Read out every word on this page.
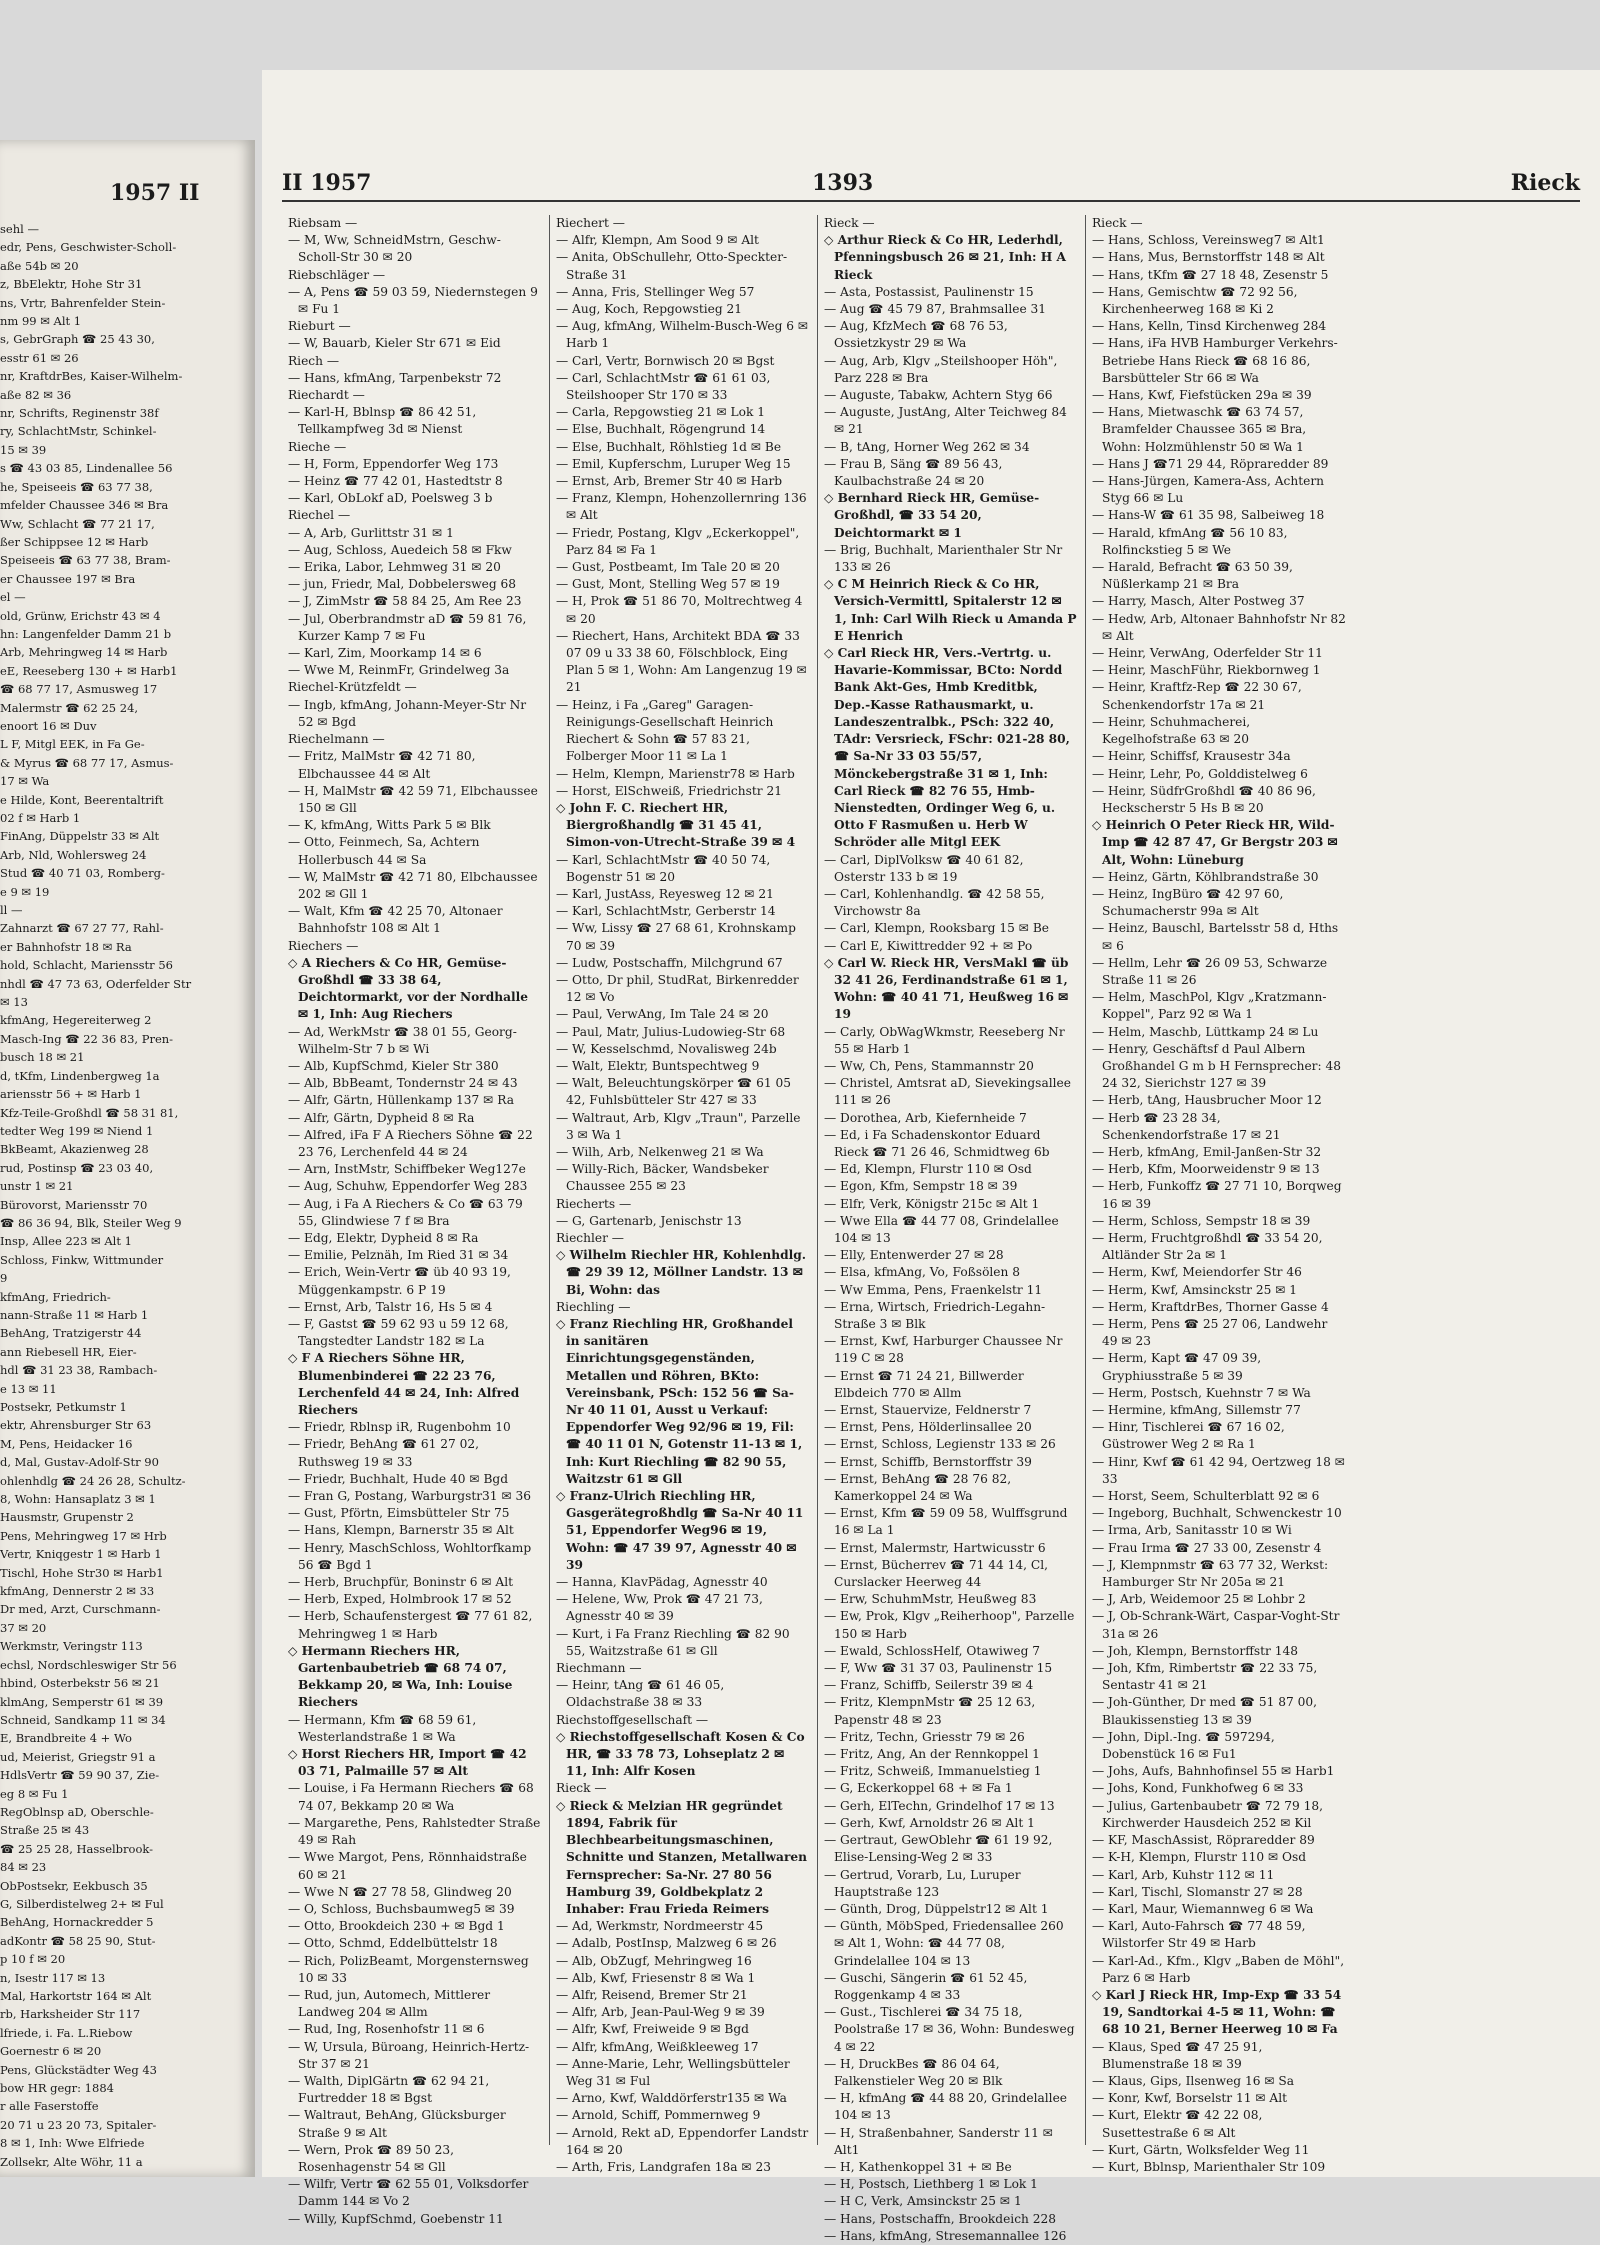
1957 II
sehl —
edr, Pens, Geschwister-Scholl-
aße 54b ✉ 20
z, BbElektr, Hohe Str 31
ns, Vrtr, Bahrenfelder Stein-
nm 99 ✉ Alt 1
s, GebrGraph ☎ 25 43 30,
esstr 61 ✉ 26
nr, KraftdrBes, Kaiser-Wilhelm-
aße 82 ✉ 36
nr, Schrifts, Reginenstr 38f
ry, SchlachtMstr, Schinkel-
15 ✉ 39
s ☎ 43 03 85, Lindenallee 56
he, Speiseeis ☎ 63 77 38,
mfelder Chaussee 346 ✉ Bra
Ww, Schlacht ☎ 77 21 17,
ßer Schippsee 12 ✉ Harb
Speiseeis ☎ 63 77 38, Bram-
er Chaussee 197 ✉ Bra
el —
old, Grünw, Erichstr 43 ✉ 4
hn: Langenfelder Damm 21 b
Arb, Mehringweg 14 ✉ Harb
eE, Reeseberg 130 + ✉ Harb1
☎ 68 77 17, Asmusweg 17
Malermstr ☎ 62 25 24,
enoort 16 ✉ Duv
L F, Mitgl EEK, in Fa Ge-
& Myrus ☎ 68 77 17, Asmus-
17 ✉ Wa
e Hilde, Kont, Beerentaltrift
02 f ✉ Harb 1
FinAng, Düppelstr 33 ✉ Alt
Arb, Nld, Wohlersweg 24
Stud ☎ 40 71 03, Romberg-
e 9 ✉ 19
ll —
Zahnarzt ☎ 67 27 77, Rahl-
er Bahnhofstr 18 ✉ Ra
hold, Schlacht, Mariensstr 56
nhdl ☎ 47 73 63, Oderfelder Str
✉ 13
kfmAng, Hegereiterweg 2
Masch-Ing ☎ 22 36 83, Pren-
busch 18 ✉ 21
d, tKfm, Lindenbergweg 1a
ariensstr 56 + ✉ Harb 1
Kfz-Teile-Großhdl ☎ 58 31 81,
tedter Weg 199 ✉ Niend 1
BkBeamt, Akazienweg 28
rud, Postinsp ☎ 23 03 40,
unstr 1 ✉ 21
Bürovorst, Mariensstr 70
☎ 86 36 94, Blk, Steiler Weg 9
Insp, Allee 223 ✉ Alt 1
Schloss, Finkw, Wittmunder
9
kfmAng, Friedrich-
nann-Straße 11 ✉ Harb 1
BehAng, Tratzigerstr 44
ann Riebesell HR, Eier-
hdl ☎ 31 23 38, Rambach-
e 13 ✉ 11
Postsekr, Petkumstr 1
ektr, Ahrensburger Str 63
M, Pens, Heidacker 16
d, Mal, Gustav-Adolf-Str 90
ohlenhdlg ☎ 24 26 28, Schultz-
8, Wohn: Hansaplatz 3 ✉ 1
Hausmstr, Grupenstr 2
Pens, Mehringweg 17 ✉ Hrb
Vertr, Kniqgestr 1 ✉ Harb 1
Tischl, Hohe Str30 ✉ Harb1
kfmAng, Dennerstr 2 ✉ 33
Dr med, Arzt, Curschmann-
37 ✉ 20
Werkmstr, Veringstr 113
echsl, Nordschleswiger Str 56
hbind, Osterbekstr 56 ✉ 21
klmAng, Semperstr 61 ✉ 39
Schneid, Sandkamp 11 ✉ 34
E, Brandbreite 4 + Wo
ud, Meierist, Griegstr 91 a
HdlsVertr ☎ 59 90 37, Zie-
eg 8 ✉ Fu 1
RegOblnsp aD, Oberschle-
Straße 25 ✉ 43
☎ 25 25 28, Hasselbrook-
84 ✉ 23
ObPostsekr, Eekbusch 35
G, Silberdistelweg 2+ ✉ Ful
BehAng, Hornackredder 5
adKontr ☎ 58 25 90, Stut-
p 10 f ✉ 20
n, Isestr 117 ✉ 13
Mal, Harkortstr 164 ✉ Alt
rb, Harksheider Str 117
lfriede, i. Fa. L.Riebow
Goernestr 6 ✉ 20
Pens, Glückstädter Weg 43
bow HR gegr: 1884
r alle Faserstoffe
20 71 u 23 20 73, Spitaler-
8 ✉ 1, Inh: Wwe Elfriede
Zollsekr, Alte Wöhr, 11 a
II 1957	1393	Rieck
Riebsam —
— M, Ww, SchneidMstrn, Geschw-Scholl-Str 30 ✉ 20
Riebschläger —
— A, Pens ☎ 59 03 59, Niedernstegen 9 ✉ Fu 1
Rieburt —
— W, Bauarb, Kieler Str 671 ✉ Eid
Riech —
— Hans, kfmAng, Tarpenbekstr 72
Riechardt —
— Karl-H, Bblnsp ☎ 86 42 51, Tellkampfweg 3d ✉ Nienst
Rieche —
— H, Form, Eppendorfer Weg 173
— Heinz ☎ 77 42 01, Hastedtstr 8
— Karl, ObLokf aD, Poelsweg 3 b
Riechel —
— A, Arb, Gurlittstr 31 ✉ 1
— Aug, Schloss, Auedeich 58 ✉ Fkw
— Erika, Labor, Lehmweg 31 ✉ 20
— jun, Friedr, Mal, Dobbelersweg 68
— J, ZimMstr ☎ 58 84 25, Am Ree 23
— Jul, Oberbrandmstr aD ☎ 59 81 76, Kurzer Kamp 7 ✉ Fu
— Karl, Zim, Moorkamp 14 ✉ 6
— Wwe M, ReinmFr, Grindelweg 3a
Riechel-Krützfeldt —
— Ingb, kfmAng, Johann-Meyer-Str Nr 52 ✉ Bgd
Riechelmann —
— Fritz, MalMstr ☎ 42 71 80, Elbchaussee 44 ✉ Alt
— H, MalMstr ☎ 42 59 71, Elbchaussee 150 ✉ Gll
— K, kfmAng, Witts Park 5 ✉ Blk
— Otto, Feinmech, Sa, Achtern Hollerbusch 44 ✉ Sa
— W, MalMstr ☎ 42 71 80, Elbchaussee 202 ✉ Gll 1
— Walt, Kfm ☎ 42 25 70, Altonaer Bahnhofstr 108 ✉ Alt 1
Riechers —
◇ A Riechers & Co HR, Gemüse-Großhdl ☎ 33 38 64, Deichtormarkt, vor der Nordhalle ✉ 1, Inh: Aug Riechers
— Ad, WerkMstr ☎ 38 01 55, Georg-Wilhelm-Str 7 b ✉ Wi
— Alb, KupfSchmd, Kieler Str 380
— Alb, BbBeamt, Tondernstr 24 ✉ 43
— Alfr, Gärtn, Hüllenkamp 137 ✉ Ra
— Alfr, Gärtn, Dypheid 8 ✉ Ra
— Alfred, iFa F A Riechers Söhne ☎ 22 23 76, Lerchenfeld 44 ✉ 24
— Arn, InstMstr, Schiffbeker Weg127e
— Aug, Schuhw, Eppendorfer Weg 283
— Aug, i Fa A Riechers & Co ☎ 63 79 55, Glindwiese 7 f ✉ Bra
— Edg, Elektr, Dypheid 8 ✉ Ra
— Emilie, Pelznäh, Im Ried 31 ✉ 34
— Erich, Wein-Vertr ☎ üb 40 93 19, Müggenkampstr. 6 P 19
— Ernst, Arb, Talstr 16, Hs 5 ✉ 4
— F, Gastst ☎ 59 62 93 u 59 12 68, Tangstedter Landstr 182 ✉ La
◇ F A Riechers Söhne HR, Blumenbinderei ☎ 22 23 76, Lerchenfeld 44 ✉ 24, Inh: Alfred Riechers
— Friedr, Rblnsp iR, Rugenbohm 10
— Friedr, BehAng ☎ 61 27 02, Ruthsweg 19 ✉ 33
— Friedr, Buchhalt, Hude 40 ✉ Bgd
— Fran G, Postang, Warburgstr31 ✉ 36
— Gust, Pförtn, Eimsbütteler Str 75
— Hans, Klempn, Barnerstr 35 ✉ Alt
— Henry, MaschSchloss, Wohltorfkamp 56 ☎ Bgd 1
— Herb, Bruchpfür, Boninstr 6 ✉ Alt
— Herb, Exped, Holmbrook 17 ✉ 52
— Herb, Schaufenstergest ☎ 77 61 82, Mehringweg 1 ✉ Harb
◇ Hermann Riechers HR, Gartenbaubetrieb ☎ 68 74 07, Bekkamp 20, ✉ Wa, Inh: Louise Riechers
— Hermann, Kfm ☎ 68 59 61, Westerlandstraße 1 ✉ Wa
◇ Horst Riechers HR, Import ☎ 42 03 71, Palmaille 57 ✉ Alt
— Louise, i Fa Hermann Riechers ☎ 68 74 07, Bekkamp 20 ✉ Wa
— Margarethe, Pens, Rahlstedter Straße 49 ✉ Rah
— Wwe Margot, Pens, Rönnhaidstraße 60 ✉ 21
— Wwe N ☎ 27 78 58, Glindweg 20
— O, Schloss, Buchsbaumweg5 ✉ 39
— Otto, Brookdeich 230 + ✉ Bgd 1
— Otto, Schmd, Eddelbüttelstr 18
— Rich, PolizBeamt, Morgensternsweg 10 ✉ 33
— Rud, jun, Automech, Mittlerer Landweg 204 ✉ Allm
— Rud, Ing, Rosenhofstr 11 ✉ 6
— W, Ursula, Büroang, Heinrich-Hertz-Str 37 ✉ 21
— Walth, DiplGärtn ☎ 62 94 21, Furtredder 18 ✉ Bgst
— Waltraut, BehAng, Glücksburger Straße 9 ✉ Alt
— Wern, Prok ☎ 89 50 23, Rosenhagenstr 54 ✉ Gll
— Wilfr, Vertr ☎ 62 55 01, Volksdorfer Damm 144 ✉ Vo 2
— Willy, KupfSchmd, Goebenstr 11
Riechert —
— Alfr, Klempn, Am Sood 9 ✉ Alt
— Anita, ObSchullehr, Otto-Speckter-Straße 31
— Anna, Fris, Stellinger Weg 57
— Aug, Koch, Repgowstieg 21
— Aug, kfmAng, Wilhelm-Busch-Weg 6 ✉ Harb 1
— Carl, Vertr, Bornwisch 20 ✉ Bgst
— Carl, SchlachtMstr ☎ 61 61 03, Steilshooper Str 170 ✉ 33
— Carla, Repgowstieg 21 ✉ Lok 1
— Else, Buchhalt, Rögengrund 14
— Else, Buchhalt, Röhlstieg 1d ✉ Be
— Emil, Kupferschm, Luruper Weg 15
— Ernst, Arb, Bremer Str 40 ✉ Harb
— Franz, Klempn, Hohenzollernring 136 ✉ Alt
— Friedr, Postang, Klgv „Eckerkoppel", Parz 84 ✉ Fa 1
— Gust, Postbeamt, Im Tale 20 ✉ 20
— Gust, Mont, Stelling Weg 57 ✉ 19
— H, Prok ☎ 51 86 70, Moltrechtweg 4 ✉ 20
— Riechert, Hans, Architekt BDA ☎ 33 07 09 u 33 38 60, Fölschblock, Eing Plan 5 ✉ 1, Wohn: Am Langenzug 19 ✉ 21
— Heinz, i Fa „Gareg" Garagen-Reinigungs-Gesellschaft Heinrich Riechert & Sohn ☎ 57 83 21, Folberger Moor 11 ✉ La 1
— Helm, Klempn, Marienstr78 ✉ Harb
— Horst, ElSchweiß, Friedrichstr 21
◇ John F. C. Riechert HR, Biergroßhandlg ☎ 31 45 41, Simon-von-Utrecht-Straße 39 ✉ 4
— Karl, SchlachtMstr ☎ 40 50 74, Bogenstr 51 ✉ 20
— Karl, JustAss, Reyesweg 12 ✉ 21
— Karl, SchlachtMstr, Gerberstr 14
— Ww, Lissy ☎ 27 68 61, Krohnskamp 70 ✉ 39
— Ludw, Postschaffn, Milchgrund 67
— Otto, Dr phil, StudRat, Birkenredder 12 ✉ Vo
— Paul, VerwAng, Im Tale 24 ✉ 20
— Paul, Matr, Julius-Ludowieg-Str 68
— W, Kesselschmd, Novalisweg 24b
— Walt, Elektr, Buntspechtweg 9
— Walt, Beleuchtungskörper ☎ 61 05 42, Fuhlsbütteler Str 427 ✉ 33
— Waltraut, Arb, Klgv „Traun", Parzelle 3 ✉ Wa 1
— Wilh, Arb, Nelkenweg 21 ✉ Wa
— Willy-Rich, Bäcker, Wandsbeker Chaussee 255 ✉ 23
Riecherts —
— G, Gartenarb, Jenischstr 13
Riechler —
◇ Wilhelm Riechler HR, Kohlenhdlg. ☎ 29 39 12, Möllner Landstr. 13 ✉ Bi, Wohn: das
Riechling —
◇ Franz Riechling HR, Großhandel in sanitären Einrichtungsgegenständen, Metallen und Röhren, BKto: Vereinsbank, PSch: 152 56 ☎ Sa-Nr 40 11 01, Ausst u Verkauf: Eppendorfer Weg 92/96 ✉ 19, Fil: ☎ 40 11 01 N, Gotenstr 11-13 ✉ 1, Inh: Kurt Riechling ☎ 82 90 55, Waitzstr 61 ✉ Gll
◇ Franz-Ulrich Riechling HR, Gasgerätegroßhdlg ☎ Sa-Nr 40 11 51, Eppendorfer Weg96 ✉ 19, Wohn: ☎ 47 39 97, Agnesstr 40 ✉ 39
— Hanna, KlavPädag, Agnesstr 40
— Helene, Ww, Prok ☎ 47 21 73, Agnesstr 40 ✉ 39
— Kurt, i Fa Franz Riechling ☎ 82 90 55, Waitzstraße 61 ✉ Gll
Riechmann —
— Heinr, tAng ☎ 61 46 05, Oldachstraße 38 ✉ 33
Riechstoffgesellschaft —
◇ Riechstoffgesellschaft Kosen & Co HR, ☎ 33 78 73, Lohseplatz 2 ✉ 11, Inh: Alfr Kosen
Rieck —
◇ Rieck & Melzian HR gegründet 1894, Fabrik für Blechbearbeitungsmaschinen, Schnitte und Stanzen, Metallwaren Fernsprecher: Sa-Nr. 27 80 56 Hamburg 39, Goldbekplatz 2 Inhaber: Frau Frieda Reimers
— Ad, Werkmstr, Nordmeerstr 45
— Adalb, PostInsp, Malzweg 6 ✉ 26
— Alb, ObZugf, Mehringweg 16
— Alb, Kwf, Friesenstr 8 ✉ Wa 1
— Alfr, Reisend, Bremer Str 21
— Alfr, Arb, Jean-Paul-Weg 9 ✉ 39
— Alfr, Kwf, Freiweide 9 ✉ Bgd
— Alfr, kfmAng, Weißkleeweg 17
— Anne-Marie, Lehr, Wellingsbütteler Weg 31 ✉ Ful
— Arno, Kwf, Walddörferstr135 ✉ Wa
— Arnold, Schiff, Pommernweg 9
— Arnold, Rekt aD, Eppendorfer Landstr 164 ✉ 20
— Arth, Fris, Landgrafen 18a ✉ 23
Rieck —
◇ Arthur Rieck & Co HR, Lederhdl, Pfenningsbusch 26 ✉ 21, Inh: H A Rieck
— Asta, Postassist, Paulinenstr 15
— Aug ☎ 45 79 87, Brahmsallee 31
— Aug, KfzMech ☎ 68 76 53, Ossietzkystr 29 ✉ Wa
— Aug, Arb, Klgv „Steilshooper Höh", Parz 228 ✉ Bra
— Auguste, Tabakw, Achtern Styg 66
— Auguste, JustAng, Alter Teichweg 84 ✉ 21
— B, tAng, Horner Weg 262 ✉ 34
— Frau B, Säng ☎ 89 56 43, Kaulbachstraße 24 ✉ 20
◇ Bernhard Rieck HR, Gemüse-Großhdl, ☎ 33 54 20, Deichtormarkt ✉ 1
— Brig, Buchhalt, Marienthaler Str Nr 133 ✉ 26
◇ C M Heinrich Rieck & Co HR, Versich-Vermittl, Spitalerstr 12 ✉ 1, Inh: Carl Wilh Rieck u Amanda P E Henrich
◇ Carl Rieck HR, Vers.-Vertrtg. u. Havarie-Kommissar, BCto: Nordd Bank Akt-Ges, Hmb Kreditbk, Dep.-Kasse Rathausmarkt, u. Landeszentralbk., PSch: 322 40, TAdr: Versrieck, FSchr: 021-28 80, ☎ Sa-Nr 33 03 55/57, Mönckebergstraße 31 ✉ 1, Inh: Carl Rieck ☎ 82 76 55, Hmb-Nienstedten, Ordinger Weg 6, u. Otto F Rasmußen u. Herb W Schröder alle Mitgl EEK
— Carl, DiplVolksw ☎ 40 61 82, Osterstr 133 b ✉ 19
— Carl, Kohlenhandlg. ☎ 42 58 55, Virchowstr 8a
— Carl, Klempn, Rooksbarg 15 ✉ Be
— Carl E, Kiwittredder 92 + ✉ Po
◇ Carl W. Rieck HR, VersMakl ☎ üb 32 41 26, Ferdinandstraße 61 ✉ 1, Wohn: ☎ 40 41 71, Heußweg 16 ✉ 19
— Carly, ObWagWkmstr, Reeseberg Nr 55 ✉ Harb 1
— Ww, Ch, Pens, Stammannstr 20
— Christel, Amtsrat aD, Sievekingsallee 111 ✉ 26
— Dorothea, Arb, Kiefernheide 7
— Ed, i Fa Schadenskontor Eduard Rieck ☎ 71 26 46, Schmidtweg 6b
— Ed, Klempn, Flurstr 110 ✉ Osd
— Egon, Kfm, Sempstr 18 ✉ 39
— Elfr, Verk, Königstr 215c ✉ Alt 1
— Wwe Ella ☎ 44 77 08, Grindelallee 104 ✉ 13
— Elly, Entenwerder 27 ✉ 28
— Elsa, kfmAng, Vo, Foßsölen 8
— Ww Emma, Pens, Fraenkelstr 11
— Erna, Wirtsch, Friedrich-Legahn-Straße 3 ✉ Blk
— Ernst, Kwf, Harburger Chaussee Nr 119 C ✉ 28
— Ernst ☎ 71 24 21, Billwerder Elbdeich 770 ✉ Allm
— Ernst, Stauervize, Feldnerstr 7
— Ernst, Pens, Hölderlinsallee 20
— Ernst, Schloss, Legienstr 133 ✉ 26
— Ernst, Schiffb, Bernstorffstr 39
— Ernst, BehAng ☎ 28 76 82, Kamerkoppel 24 ✉ Wa
— Ernst, Kfm ☎ 59 09 58, Wulffsgrund 16 ✉ La 1
— Ernst, Malermstr, Hartwicusstr 6
— Ernst, Bücherrev ☎ 71 44 14, Cl, Curslacker Heerweg 44
— Erw, SchuhmMstr, Heußweg 83
— Ew, Prok, Klgv „Reiherhoop", Parzelle 150 ✉ Harb
— Ewald, SchlossHelf, Otawiweg 7
— F, Ww ☎ 31 37 03, Paulinenstr 15
— Franz, Schiffb, Seilerstr 39 ✉ 4
— Fritz, KlempnMstr ☎ 25 12 63, Papenstr 48 ✉ 23
— Fritz, Techn, Griesstr 79 ✉ 26
— Fritz, Ang, An der Rennkoppel 1
— Fritz, Schweiß, Immanuelstieg 1
— G, Eckerkoppel 68 + ✉ Fa 1
— Gerh, ElTechn, Grindelhof 17 ✉ 13
— Gerh, Kwf, Arnoldstr 26 ✉ Alt 1
— Gertraut, GewOblehr ☎ 61 19 92, Elise-Lensing-Weg 2 ✉ 33
— Gertrud, Vorarb, Lu, Luruper Hauptstraße 123
— Günth, Drog, Düppelstr12 ✉ Alt 1
— Günth, MöbSped, Friedensallee 260 ✉ Alt 1, Wohn: ☎ 44 77 08, Grindelallee 104 ✉ 13
— Guschi, Sängerin ☎ 61 52 45, Roggenkamp 4 ✉ 33
— Gust., Tischlerei ☎ 34 75 18, Poolstraße 17 ✉ 36, Wohn: Bundesweg 4 ✉ 22
— H, DruckBes ☎ 86 04 64, Falkenstieler Weg 20 ✉ Blk
— H, kfmAng ☎ 44 88 20, Grindelallee 104 ✉ 13
— H, Straßenbahner, Sanderstr 11 ✉ Alt1
— H, Kathenkoppel 31 + ✉ Be
— H, Postsch, Liethberg 1 ✉ Lok 1
— H C, Verk, Amsinckstr 25 ✉ 1
— Hans, Postschaffn, Brookdeich 228
— Hans, kfmAng, Stresemannallee 126
Rieck —
— Hans, Schloss, Vereinsweg7 ✉ Alt1
— Hans, Mus, Bernstorffstr 148 ✉ Alt
— Hans, tKfm ☎ 27 18 48, Zesenstr 5
— Hans, Gemischtw ☎ 72 92 56, Kirchenheerweg 168 ✉ Ki 2
— Hans, Kelln, Tinsd Kirchenweg 284
— Hans, iFa HVB Hamburger Verkehrs-Betriebe Hans Rieck ☎ 68 16 86, Barsbütteler Str 66 ✉ Wa
— Hans, Kwf, Fiefstücken 29a ✉ 39
— Hans, Mietwaschk ☎ 63 74 57, Bramfelder Chaussee 365 ✉ Bra, Wohn: Holzmühlenstr 50 ✉ Wa 1
— Hans J ☎71 29 44, Röpraredder 89
— Hans-Jürgen, Kamera-Ass, Achtern Styg 66 ✉ Lu
— Hans-W ☎ 61 35 98, Salbeiweg 18
— Harald, kfmAng ☎ 56 10 83, Rolfinckstieg 5 ✉ We
— Harald, Befracht ☎ 63 50 39, Nüßlerkamp 21 ✉ Bra
— Harry, Masch, Alter Postweg 37
— Hedw, Arb, Altonaer Bahnhofstr Nr 82 ✉ Alt
— Heinr, VerwAng, Oderfelder Str 11
— Heinr, MaschFühr, Riekbornweg 1
— Heinr, Kraftfz-Rep ☎ 22 30 67, Schenkendorfstr 17a ✉ 21
— Heinr, Schuhmacherei, Kegelhofstraße 63 ✉ 20
— Heinr, Schiffsf, Krausestr 34a
— Heinr, Lehr, Po, Golddistelweg 6
— Heinr, SüdfrGroßhdl ☎ 40 86 96, Heckscherstr 5 Hs B ✉ 20
◇ Heinrich O Peter Rieck HR, Wild-Imp ☎ 42 87 47, Gr Bergstr 203 ✉ Alt, Wohn: Lüneburg
— Heinz, Gärtn, Köhlbrandstraße 30
— Heinz, IngBüro ☎ 42 97 60, Schumacherstr 99a ✉ Alt
— Heinz, Bauschl, Bartelsstr 58 d, Hths ✉ 6
— Hellm, Lehr ☎ 26 09 53, Schwarze Straße 11 ✉ 26
— Helm, MaschPol, Klgv „Kratzmann-Koppel", Parz 92 ✉ Wa 1
— Helm, Maschb, Lüttkamp 24 ✉ Lu
— Henry, Geschäftsf d Paul Albern Großhandel G m b H Fernsprecher: 48 24 32, Sierichstr 127 ✉ 39
— Herb, tAng, Hausbrucher Moor 12
— Herb ☎ 23 28 34, Schenkendorfstraße 17 ✉ 21
— Herb, kfmAng, Emil-Janßen-Str 32
— Herb, Kfm, Moorweidenstr 9 ✉ 13
— Herb, Funkoffz ☎ 27 71 10, Borqweg 16 ✉ 39
— Herm, Schloss, Sempstr 18 ✉ 39
— Herm, Fruchtgroßhdl ☎ 33 54 20, Altländer Str 2a ✉ 1
— Herm, Kwf, Meiendorfer Str 46
— Herm, Kwf, Amsinckstr 25 ✉ 1
— Herm, KraftdrBes, Thorner Gasse 4
— Herm, Pens ☎ 25 27 06, Landwehr 49 ✉ 23
— Herm, Kapt ☎ 47 09 39, Gryphiusstraße 5 ✉ 39
— Herm, Postsch, Kuehnstr 7 ✉ Wa
— Hermine, kfmAng, Sillemstr 77
— Hinr, Tischlerei ☎ 67 16 02, Güstrower Weg 2 ✉ Ra 1
— Hinr, Kwf ☎ 61 42 94, Oertzweg 18 ✉ 33
— Horst, Seem, Schulterblatt 92 ✉ 6
— Ingeborg, Buchhalt, Schwenckestr 10
— Irma, Arb, Sanitasstr 10 ✉ Wi
— Frau Irma ☎ 27 33 00, Zesenstr 4
— J, Klempnmstr ☎ 63 77 32, Werkst: Hamburger Str Nr 205a ✉ 21
— J, Arb, Weidemoor 25 ✉ Lohbr 2
— J, Ob-Schrank-Wärt, Caspar-Voght-Str 31a ✉ 26
— Joh, Klempn, Bernstorffstr 148
— Joh, Kfm, Rimbertstr ☎ 22 33 75, Sentastr 41 ✉ 21
— Joh-Günther, Dr med ☎ 51 87 00, Blaukissenstieg 13 ✉ 39
— John, Dipl.-Ing. ☎ 597294, Dobenstück 16 ✉ Fu1
— Johs, Aufs, Bahnhofinsel 55 ✉ Harb1
— Johs, Kond, Funkhofweg 6 ✉ 33
— Julius, Gartenbaubetr ☎ 72 79 18, Kirchwerder Hausdeich 252 ✉ Kil
— KF, MaschAssist, Röpraredder 89
— K-H, Klempn, Flurstr 110 ✉ Osd
— Karl, Arb, Kuhstr 112 ✉ 11
— Karl, Tischl, Slomanstr 27 ✉ 28
— Karl, Maur, Wiemannweg 6 ✉ Wa
— Karl, Auto-Fahrsch ☎ 77 48 59, Wilstorfer Str 49 ✉ Harb
— Karl-Ad., Kfm., Klgv „Baben de Möhl", Parz 6 ✉ Harb
◇ Karl J Rieck HR, Imp-Exp ☎ 33 54 19, Sandtorkai 4-5 ✉ 11, Wohn: ☎ 68 10 21, Berner Heerweg 10 ✉ Fa
— Klaus, Sped ☎ 47 25 91, Blumenstraße 18 ✉ 39
— Klaus, Gips, Ilsenweg 16 ✉ Sa
— Konr, Kwf, Borselstr 11 ✉ Alt
— Kurt, Elektr ☎ 42 22 08, Susettestraße 6 ✉ Alt
— Kurt, Gärtn, Wolksfelder Weg 11
— Kurt, Bblnsp, Marienthaler Str 109
